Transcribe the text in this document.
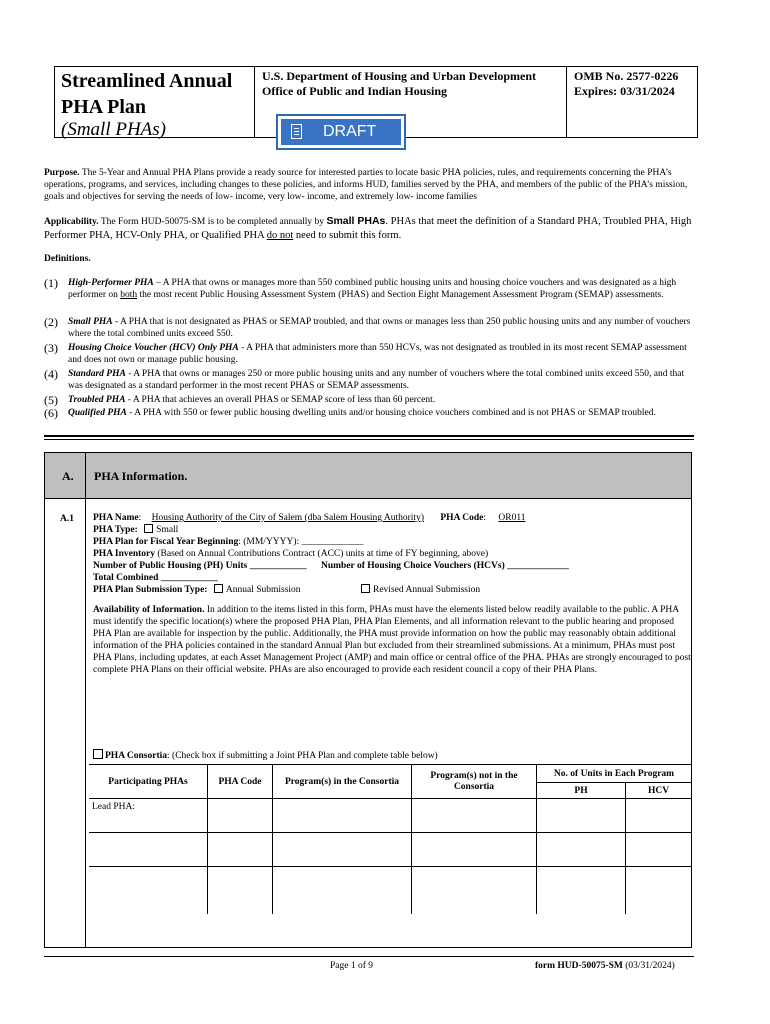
Streamlined Annual
PHA Plan
(Small PHAs)
U.S. Department of Housing and Urban Development
Office of Public and Indian Housing
OMB No. 2577-0226
Expires: 03/31/2024
DRAFT
Purpose. The 5-Year and Annual PHA Plans provide a ready source for interested parties to locate basic PHA policies, rules, and requirements concerning the PHA’s operations, programs, and services, including changes to these policies, and informs HUD, families served by the PHA, and members of the public of the PHA’s mission, goals and objectives for serving the needs of low- income, very low- income, and extremely low- income families
Applicability. The Form HUD-50075-SM is to be completed annually by Small PHAs. PHAs that meet the definition of a Standard PHA, Troubled PHA, High Performer PHA, HCV-Only PHA, or Qualified PHA do not need to submit this form.
Definitions.
(1) High-Performer PHA – A PHA that owns or manages more than 550 combined public housing units and housing choice vouchers and was designated as a high performer on both the most recent Public Housing Assessment System (PHAS) and Section Eight Management Assessment Program (SEMAP) assessments.
(2) Small PHA - A PHA that is not designated as PHAS or SEMAP troubled, and that owns or manages less than 250 public housing units and any number of vouchers where the total combined units exceed 550.
(3) Housing Choice Voucher (HCV) Only PHA - A PHA that administers more than 550 HCVs, was not designated as troubled in its most recent SEMAP assessment and does not own or manage public housing.
(4) Standard PHA - A PHA that owns or manages 250 or more public housing units and any number of vouchers where the total combined units exceed 550, and that was designated as a standard performer in the most recent PHAS or SEMAP assessments.
(5) Troubled PHA - A PHA that achieves an overall PHAS or SEMAP score of less than 60 percent.
(6) Qualified PHA - A PHA with 550 or fewer public housing dwelling units and/or housing choice vouchers combined and is not PHAS or SEMAP troubled.
A. PHA Information.
A.1 PHA Name: Housing Authority of the City of Salem (dba Salem Housing Authority) PHA Code: OR011
PHA Type: Small
PHA Plan for Fiscal Year Beginning: (MM/YYYY): _____________
PHA Inventory (Based on Annual Contributions Contract (ACC) units at time of FY beginning, above)
Number of Public Housing (PH) Units ____________ Number of Housing Choice Vouchers (HCVs) _____________
Total Combined ____________
PHA Plan Submission Type: Annual Submission	Revised Annual Submission
Availability of Information. In addition to the items listed in this form, PHAs must have the elements listed below readily available to the public. A PHA must identify the specific location(s) where the proposed PHA Plan, PHA Plan Elements, and all information relevant to the public hearing and proposed PHA Plan are available for inspection by the public. Additionally, the PHA must provide information on how the public may reasonably obtain additional information of the PHA policies contained in the standard Annual Plan but excluded from their streamlined submissions. At a minimum, PHAs must post PHA Plans, including updates, at each Asset Management Project (AMP) and main office or central office of the PHA. PHAs are strongly encouraged to post complete PHA Plans on their official website. PHAs are also encouraged to provide each resident council a copy of their PHA Plans.
PHA Consortia: (Check box if submitting a Joint PHA Plan and complete table below)
Participating PHAs	PHA Code	Program(s) in the Consortia	Program(s) not in the Consortia	No. of Units in Each Program	
				PH	HCV
Lead PHA:					

Page 1 of 9	form HUD-50075-SM (03/31/2024)
